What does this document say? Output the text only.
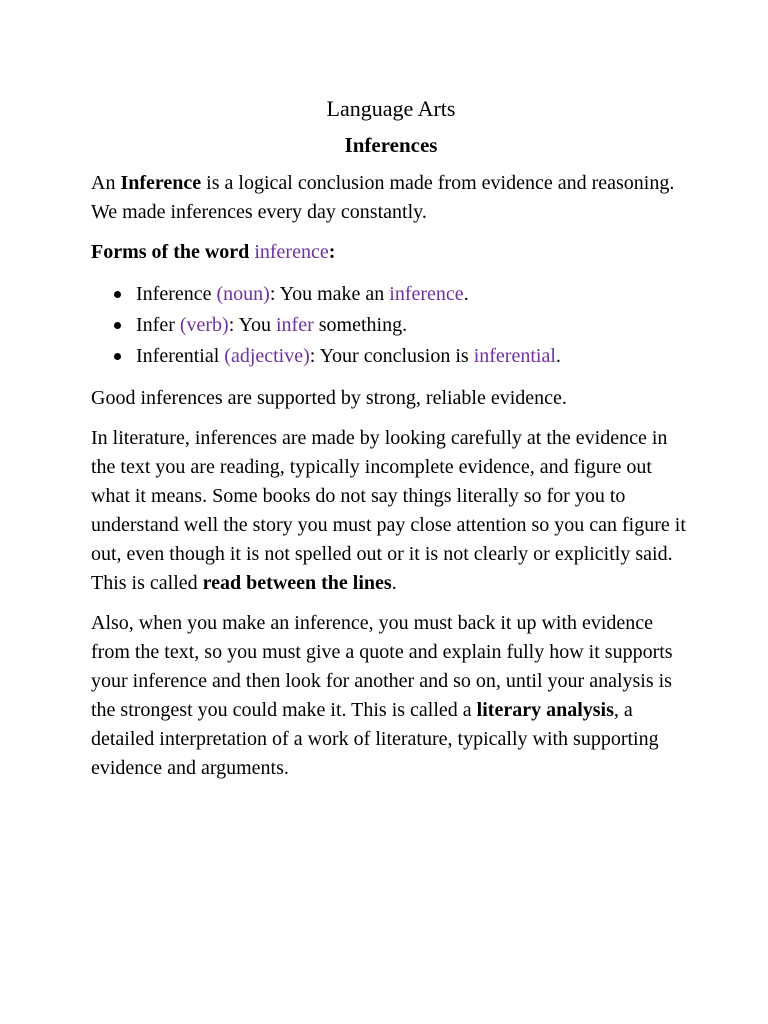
Language Arts
Inferences

An Inference is a logical conclusion made from evidence and reasoning. We made inferences every day constantly.

Forms of the word inference:

Inference (noun): You make an inference.
Infer (verb): You infer something.
Inferential (adjective): Your conclusion is inferential.

Good inferences are supported by strong, reliable evidence.

In literature, inferences are made by looking carefully at the evidence in the text you are reading, typically incomplete evidence, and figure out what it means. Some books do not say things literally so for you to understand well the story you must pay close attention so you can figure it out, even though it is not spelled out or it is not clearly or explicitly said. This is called read between the lines.

Also, when you make an inference, you must back it up with evidence from the text, so you must give a quote and explain fully how it supports your inference and then look for another and so on, until your analysis is the strongest you could make it. This is called a literary analysis, a detailed interpretation of a work of literature, typically with supporting evidence and arguments.
